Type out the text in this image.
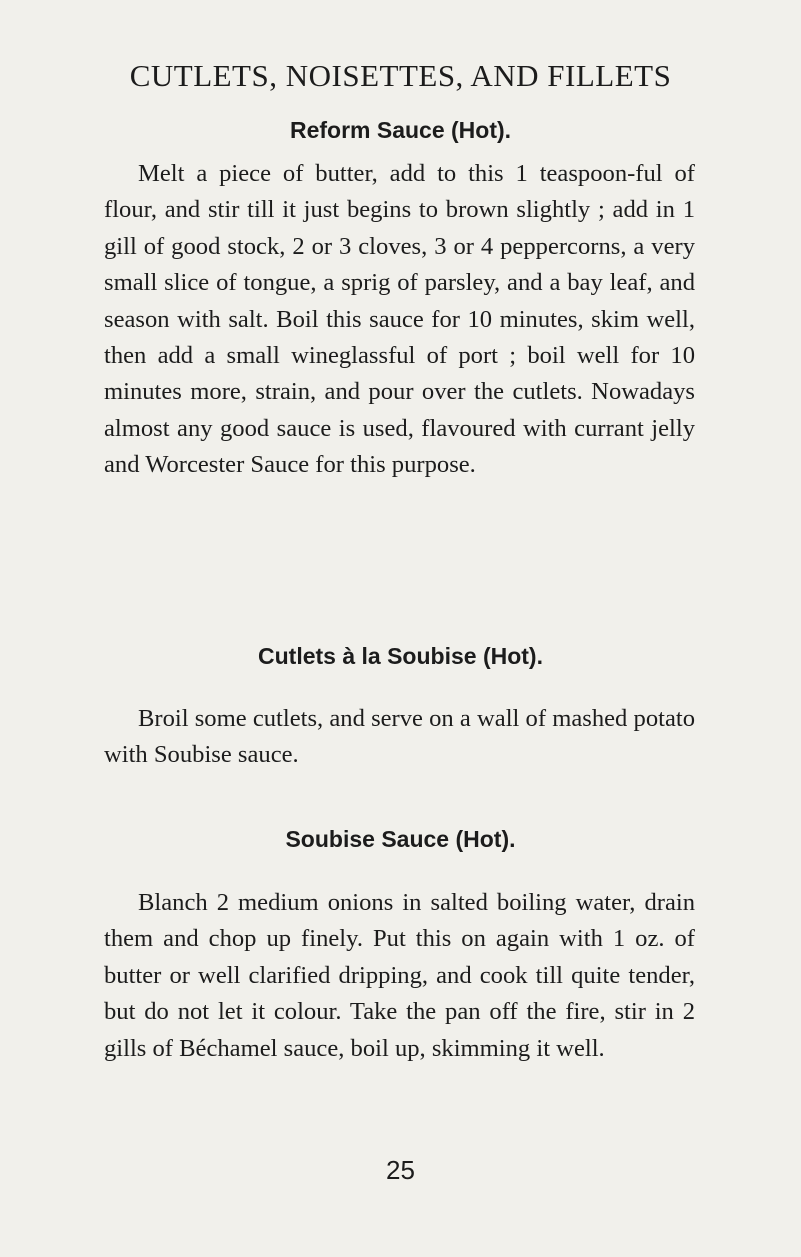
CUTLETS, NOISETTES, AND FILLETS
Reform Sauce (Hot).

Melt a piece of butter, add to this 1 teaspoon-ful of flour, and stir till it just begins to brown slightly ; add in 1 gill of good stock, 2 or 3 cloves, 3 or 4 peppercorns, a very small slice of tongue, a sprig of parsley, and a bay leaf, and season with salt. Boil this sauce for 10 minutes, skim well, then add a small wineglassful of port ; boil well for 10 minutes more, strain, and pour over the cutlets. Nowadays almost any good sauce is used, flavoured with currant jelly and Worcester Sauce for this purpose.

Cutlets à la Soubise (Hot).

Broil some cutlets, and serve on a wall of mashed potato with Soubise sauce.

Soubise Sauce (Hot).

Blanch 2 medium onions in salted boiling water, drain them and chop up finely. Put this on again with 1 oz. of butter or well clarified dripping, and cook till quite tender, but do not let it colour. Take the pan off the fire, stir in 2 gills of Béchamel sauce, boil up, skimming it well.

25
